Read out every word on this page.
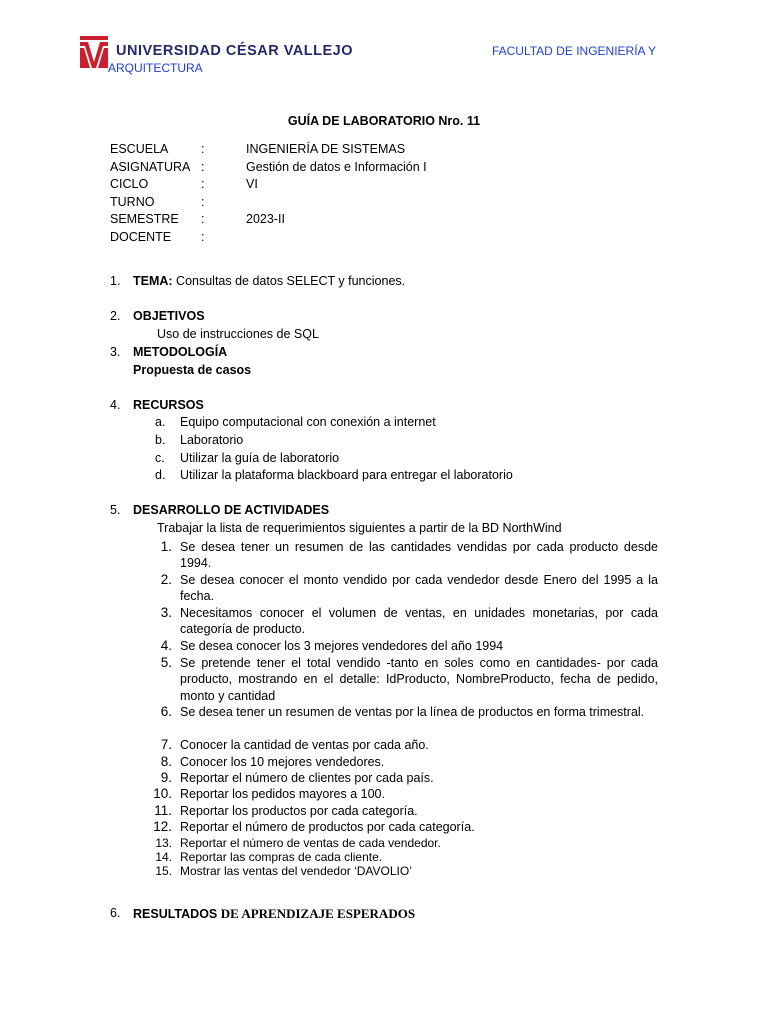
UNIVERSIDAD CÉSAR VALLEJO	FACULTAD DE INGENIERÍA Y
ARQUITECTURA
GUÍA DE LABORATORIO Nro. 11
ESCUELA	:	INGENIERÍA DE SISTEMAS
ASIGNATURA :	Gestión de datos e Información I
CICLO	:	VI
TURNO	:
SEMESTRE :	2023-II
DOCENTE :
1. TEMA: Consultas de datos SELECT y funciones.
2. OBJETIVOS
Uso de instrucciones de SQL
3. METODOLOGÍA
Propuesta de casos
4. RECURSOS
a. Equipo computacional con conexión a internet
b. Laboratorio
c. Utilizar la guía de laboratorio
d. Utilizar la plataforma blackboard para entregar el laboratorio
5. DESARROLLO DE ACTIVIDADES
Trabajar la lista de requerimientos siguientes a partir de la BD NorthWind
1. Se desea tener un resumen de las cantidades vendidas por cada producto desde 1994.
2. Se desea conocer el monto vendido por cada vendedor desde Enero del 1995 a la fecha.
3. Necesitamos conocer el volumen de ventas, en unidades monetarias, por cada categoría de producto.
4. Se desea conocer los 3 mejores vendedores del año 1994
5. Se pretende tener el total vendido -tanto en soles como en cantidades- por cada producto, mostrando en el detalle: IdProducto, NombreProducto, fecha de pedido, monto y cantidad
6. Se desea tener un resumen de ventas por la línea de productos en forma trimestral.
7. Conocer la cantidad de ventas por cada año.
8. Conocer los 10 mejores vendedores.
9. Reportar el número de clientes por cada país.
10. Reportar los pedidos mayores a 100.
11. Reportar los productos por cada categoría.
12. Reportar el número de productos por cada categoría.
13. Reportar el número de ventas de cada vendedor.
14. Reportar las compras de cada cliente.
15. Mostrar las ventas del vendedor ‘DAVOLIO’
6. RESULTADOS DE APRENDIZAJE ESPERADOS
